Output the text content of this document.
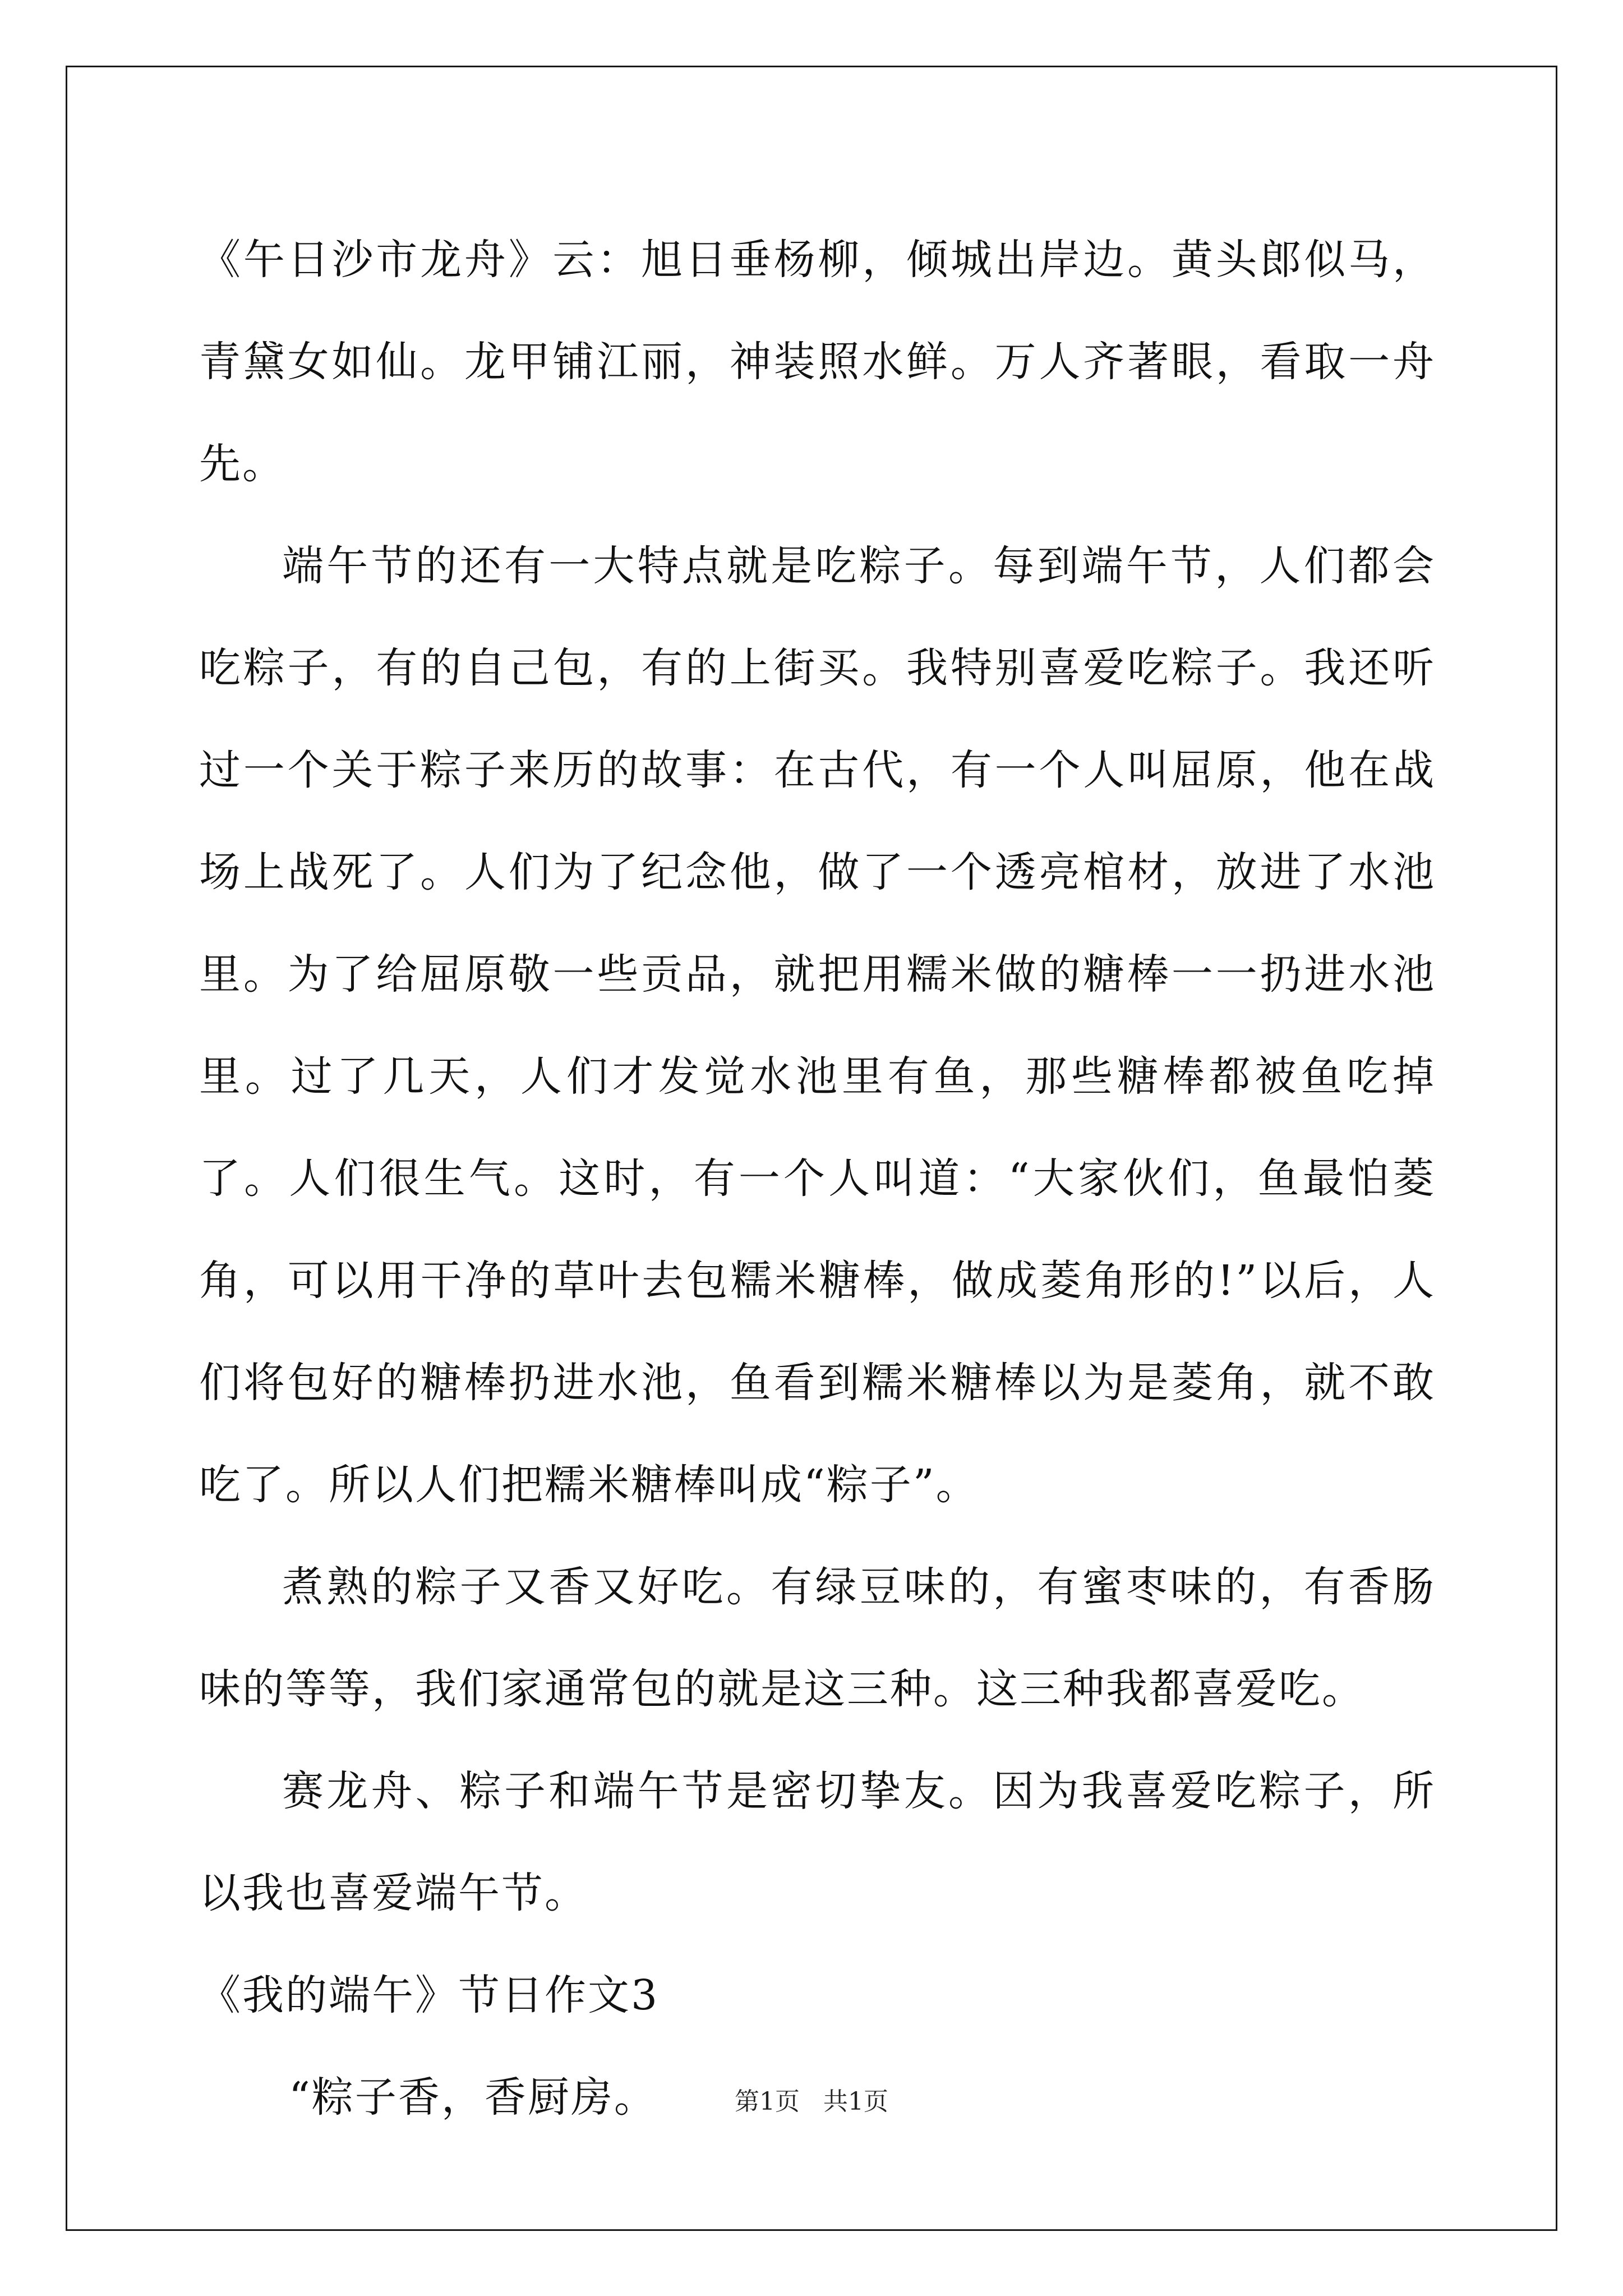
《午日沙市龙舟》云：旭日垂杨柳，倾城出岸边。黄头郎似马，青黛女如仙。龙甲铺江丽，神装照水鲜。万人齐著眼，看取一舟先。

端午节的还有一大特点就是吃粽子。每到端午节，人们都会吃粽子，有的自己包，有的上街买。我特别喜爱吃粽子。我还听过一个关于粽子来历的故事：在古代，有一个人叫屈原，他在战场上战死了。人们为了纪念他，做了一个透亮棺材，放进了水池里。为了给屈原敬一些贡品，就把用糯米做的糖棒一一扔进水池里。过了几天，人们才发觉水池里有鱼，那些糖棒都被鱼吃掉了。人们很生气。这时，有一个人叫道：“大家伙们，鱼最怕菱角，可以用干净的草叶去包糯米糖棒，做成菱角形的!”以后，人们将包好的糖棒扔进水池，鱼看到糯米糖棒以为是菱角，就不敢吃了。所以人们把糯米糖棒叫成“粽子”。

煮熟的粽子又香又好吃。有绿豆味的，有蜜枣味的，有香肠味的等等，我们家通常包的就是这三种。这三种我都喜爱吃。

赛龙舟、粽子和端午节是密切挚友。因为我喜爱吃粽子，所以我也喜爱端午节。

《我的端午》节日作文3

“粽子香，香厨房。	第1页 共1页
